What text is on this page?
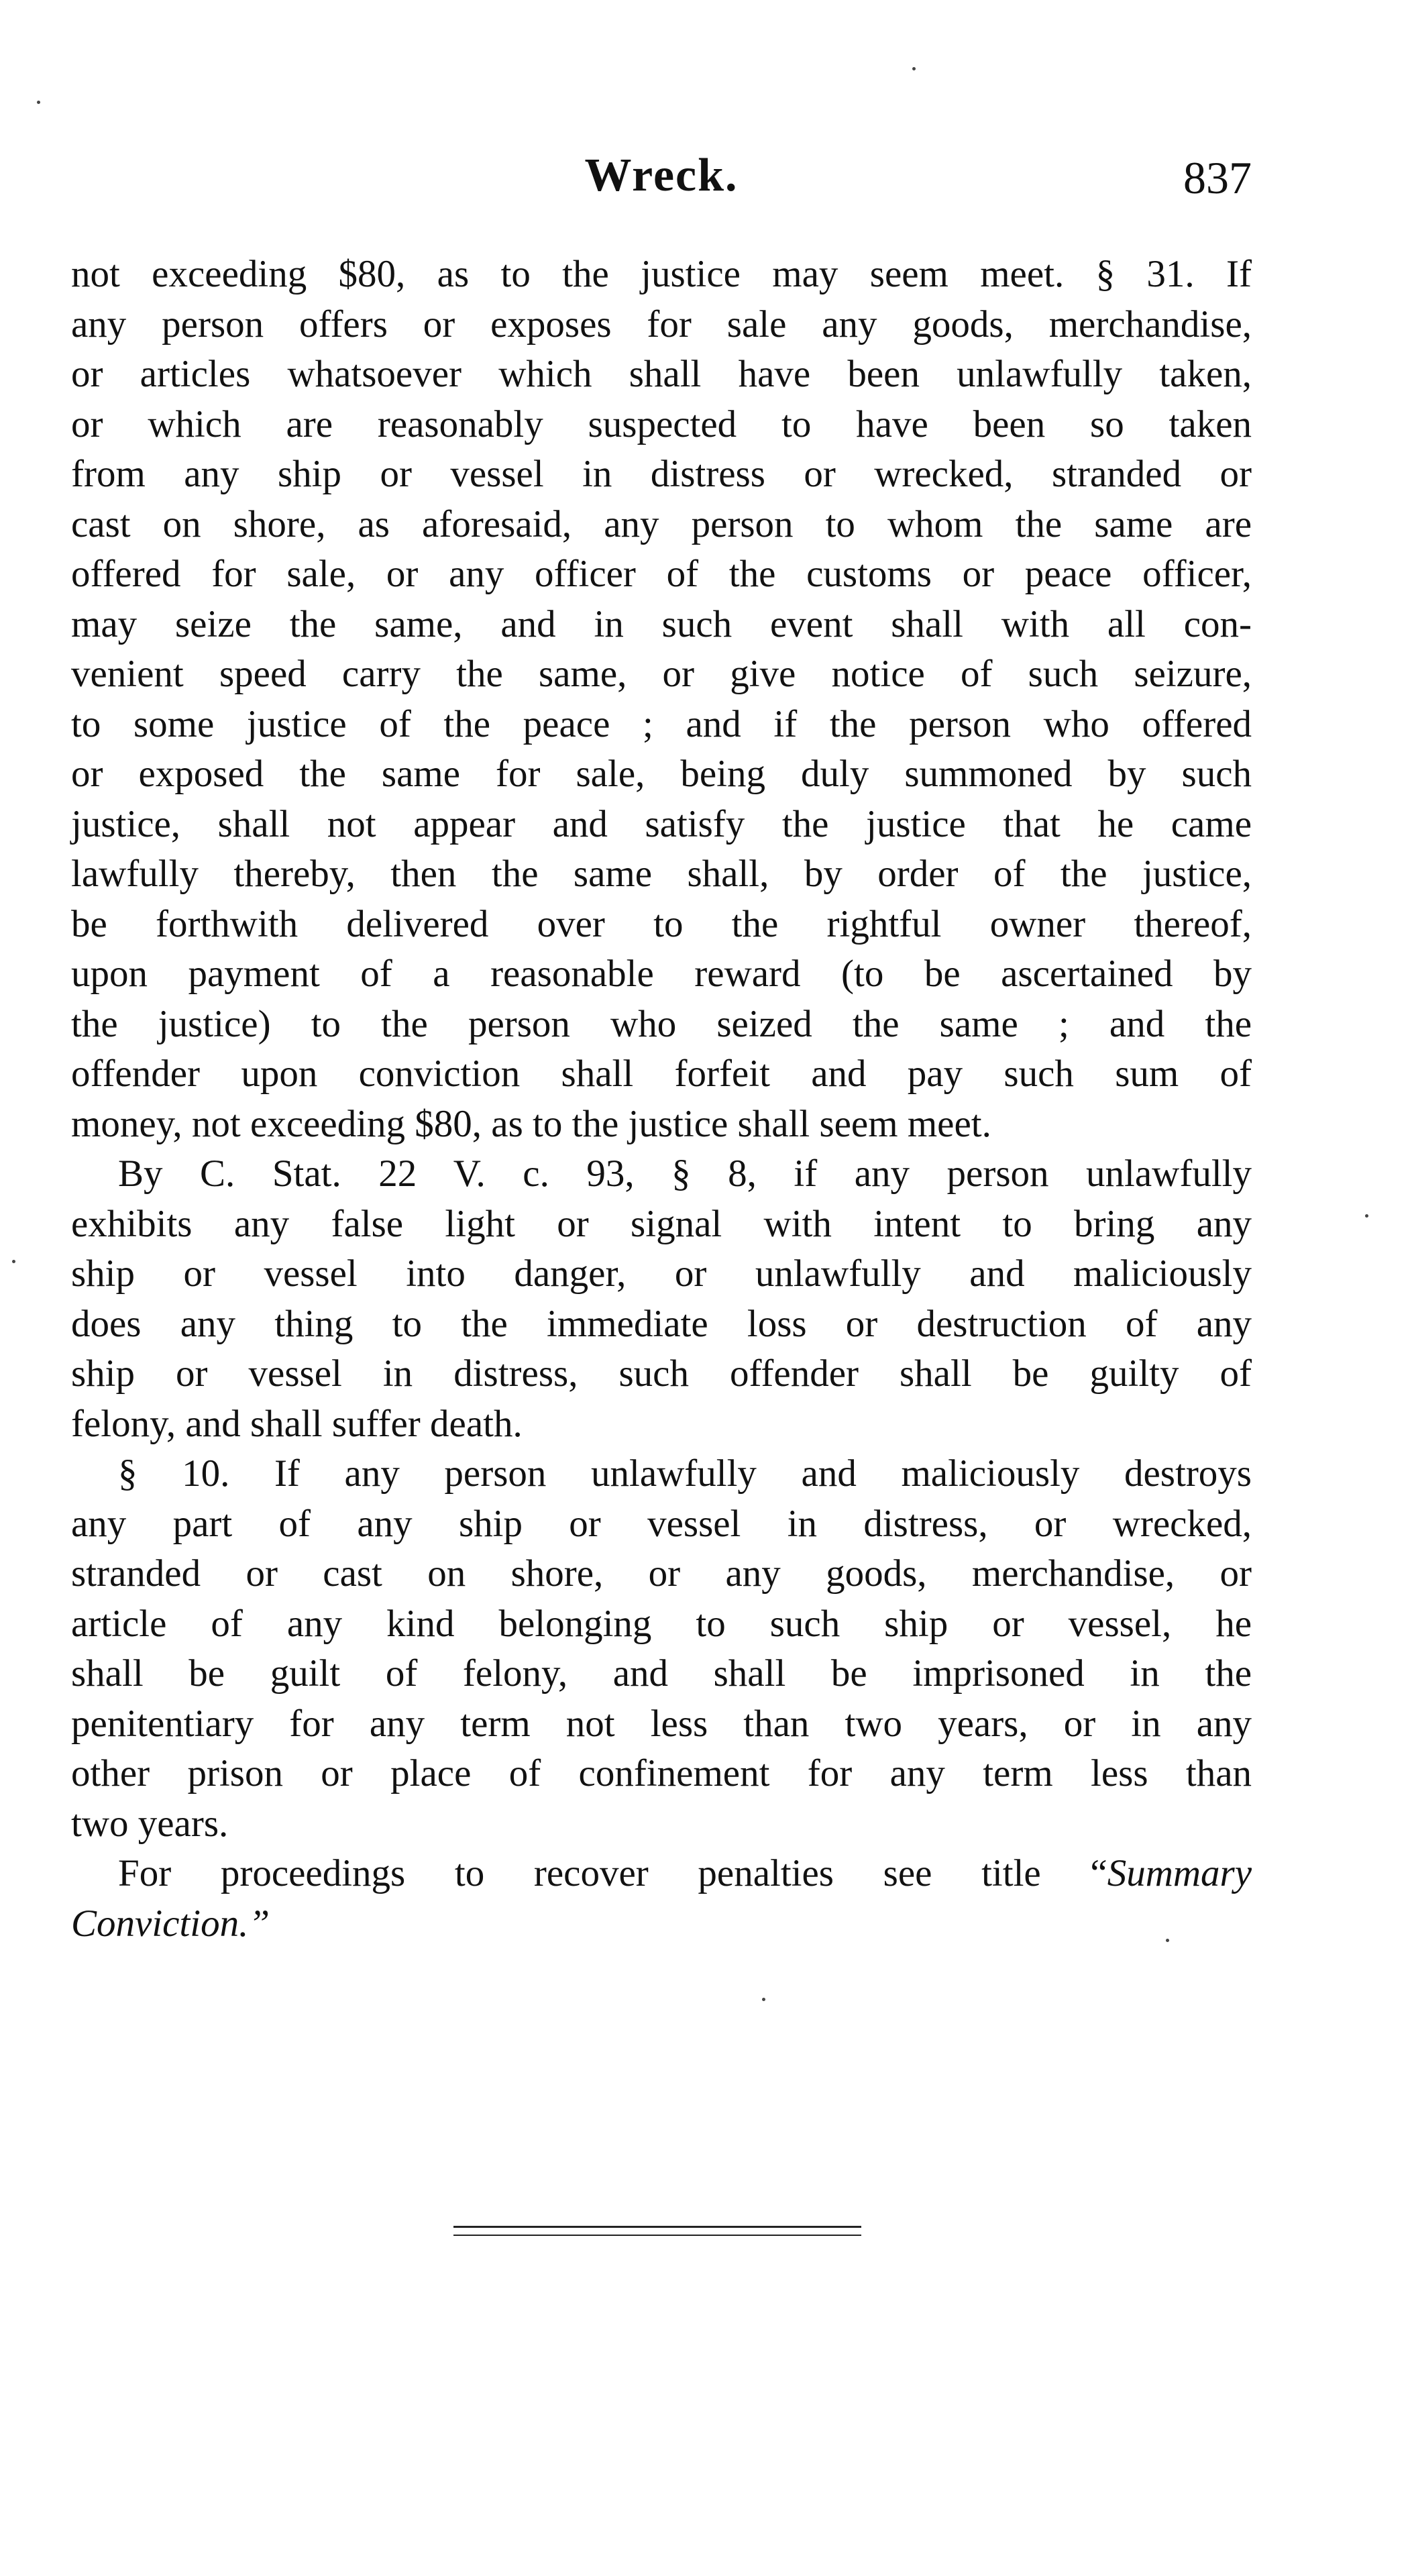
Wreck.	837
not exceeding $80, as to the justice may seem meet. § 31. If
any person offers or exposes for sale any goods, merchandise,
or articles whatsoever which shall have been unlawfully taken,
or which are reasonably suspected to have been so taken
from any ship or vessel in distress or wrecked, stranded or
cast on shore, as aforesaid, any person to whom the same are
offered for sale, or any officer of the customs or peace officer,
may seize the same, and in such event shall with all con-
venient speed carry the same, or give notice of such seizure,
to some justice of the peace ; and if the person who offered
or exposed the same for sale, being duly summoned by such
justice, shall not appear and satisfy the justice that he came
lawfully thereby, then the same shall, by order of the justice,
be forthwith delivered over to the rightful owner thereof,
upon payment of a reasonable reward (to be ascertained by
the justice) to the person who seized the same ; and the
offender upon conviction shall forfeit and pay such sum of
money, not exceeding $80, as to the justice shall seem meet.
By C. Stat. 22 V. c. 93, § 8, if any person unlawfully
exhibits any false light or signal with intent to bring any
ship or vessel into danger, or unlawfully and maliciously
does any thing to the immediate loss or destruction of any
ship or vessel in distress, such offender shall be guilty of
felony, and shall suffer death.
§ 10. If any person unlawfully and maliciously destroys
any part of any ship or vessel in distress, or wrecked,
stranded or cast on shore, or any goods, merchandise, or
article of any kind belonging to such ship or vessel, he
shall be guilt of felony, and shall be imprisoned in the
penitentiary for any term not less than two years, or in any
other prison or place of confinement for any term less than
two years.
For proceedings to recover penalties see title “Summary
Conviction.”
